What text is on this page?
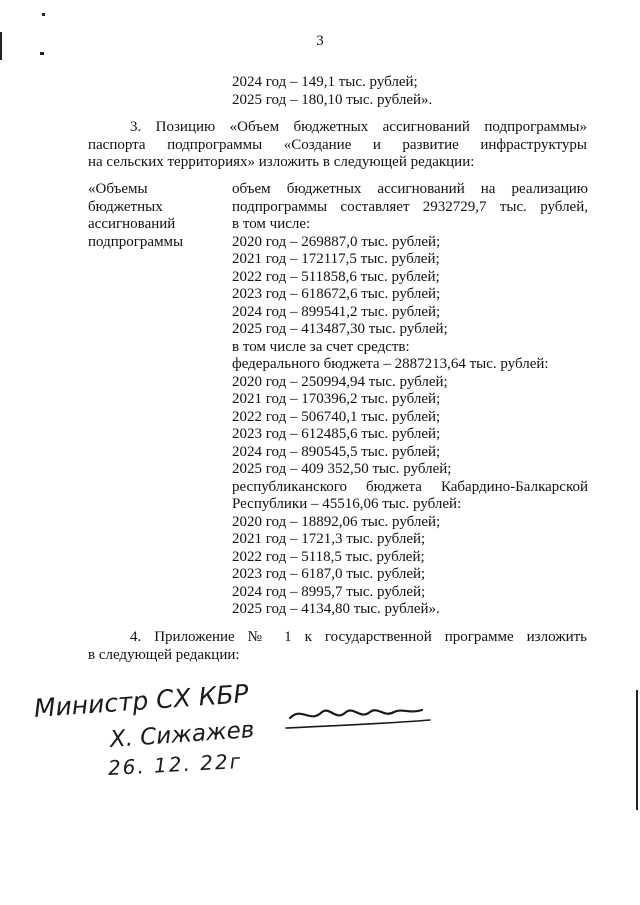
3
2024 год – 149,1 тыс. рублей;
2025 год – 180,10 тыс. рублей».
3. Позицию «Объем бюджетных ассигнований подпрограммы»
паспорта подпрограммы «Создание и развитие инфраструктуры
на сельских территориях» изложить в следующей редакции:
«Объемы
бюджетных
ассигнований
подпрограммы
объем бюджетных ассигнований на реализацию
подпрограммы составляет 2932729,7 тыс. рублей,
в том числе:
2020 год – 269887,0 тыс. рублей;
2021 год – 172117,5 тыс. рублей;
2022 год – 511858,6 тыс. рублей;
2023 год – 618672,6 тыс. рублей;
2024 год – 899541,2 тыс. рублей;
2025 год – 413487,30 тыс. рублей;
в том числе за счет средств:
федерального бюджета – 2887213,64 тыс. рублей:
2020 год – 250994,94 тыс. рублей;
2021 год – 170396,2 тыс. рублей;
2022 год – 506740,1 тыс. рублей;
2023 год – 612485,6 тыс. рублей;
2024 год – 890545,5 тыс. рублей;
2025 год – 409 352,50 тыс. рублей;
республиканского бюджета Кабардино-Балкарской
Республики – 45516,06 тыс. рублей:
2020 год – 18892,06 тыс. рублей;
2021 год – 1721,3 тыс. рублей;
2022 год – 5118,5 тыс. рублей;
2023 год – 6187,0 тыс. рублей;
2024 год – 8995,7 тыс. рублей;
2025 год – 4134,80 тыс. рублей».
4. Приложение № 1 к государственной программе изложить
в следующей редакции:
Министр СХ КБР
Х. Сижажев
26. 12. 22г
